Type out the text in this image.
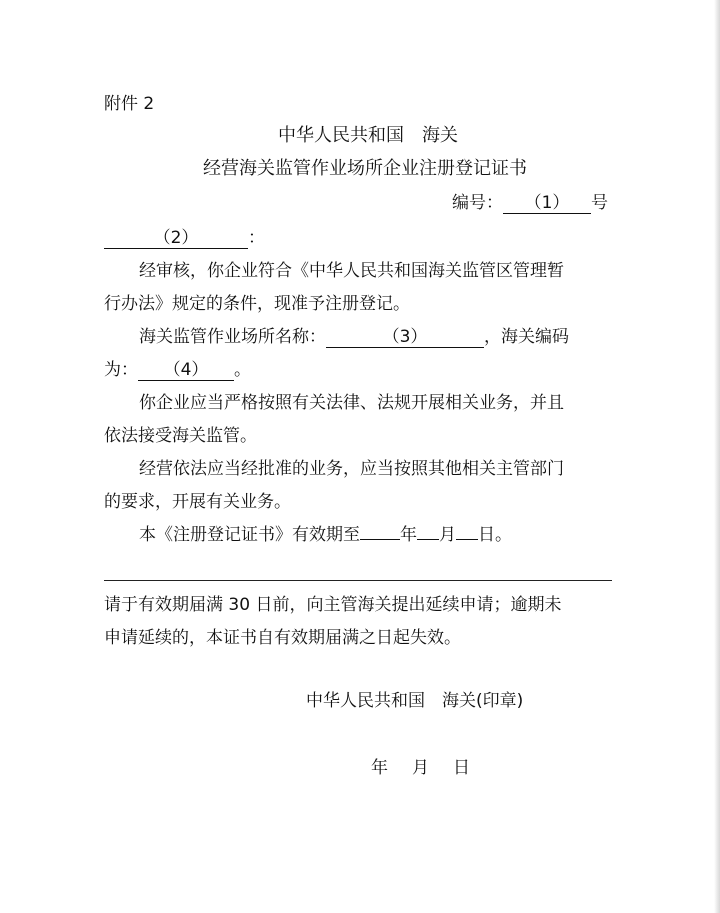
附件 2
中华人民共和国　海关
经营海关监管作业场所企业注册登记证书
编号： （1） 号
（2）	：
经审核，你企业符合《中华人民共和国海关监管区管理暂
行办法》规定的条件，现准予注册登记。
海关监管作业场所名称：	（3）	，海关编码
为： （4） 。
你企业应当严格按照有关法律、法规开展相关业务，并且
依法接受海关监管。
经营依法应当经批准的业务，应当按照其他相关主管部门
的要求，开展有关业务。
本《注册登记证书》有效期至 年 月 日。
请于有效期届满 30 日前，向主管海关提出延续申请；逾期未
申请延续的，本证书自有效期届满之日起失效。
中华人民共和国　海关(印章)
年 月 日
